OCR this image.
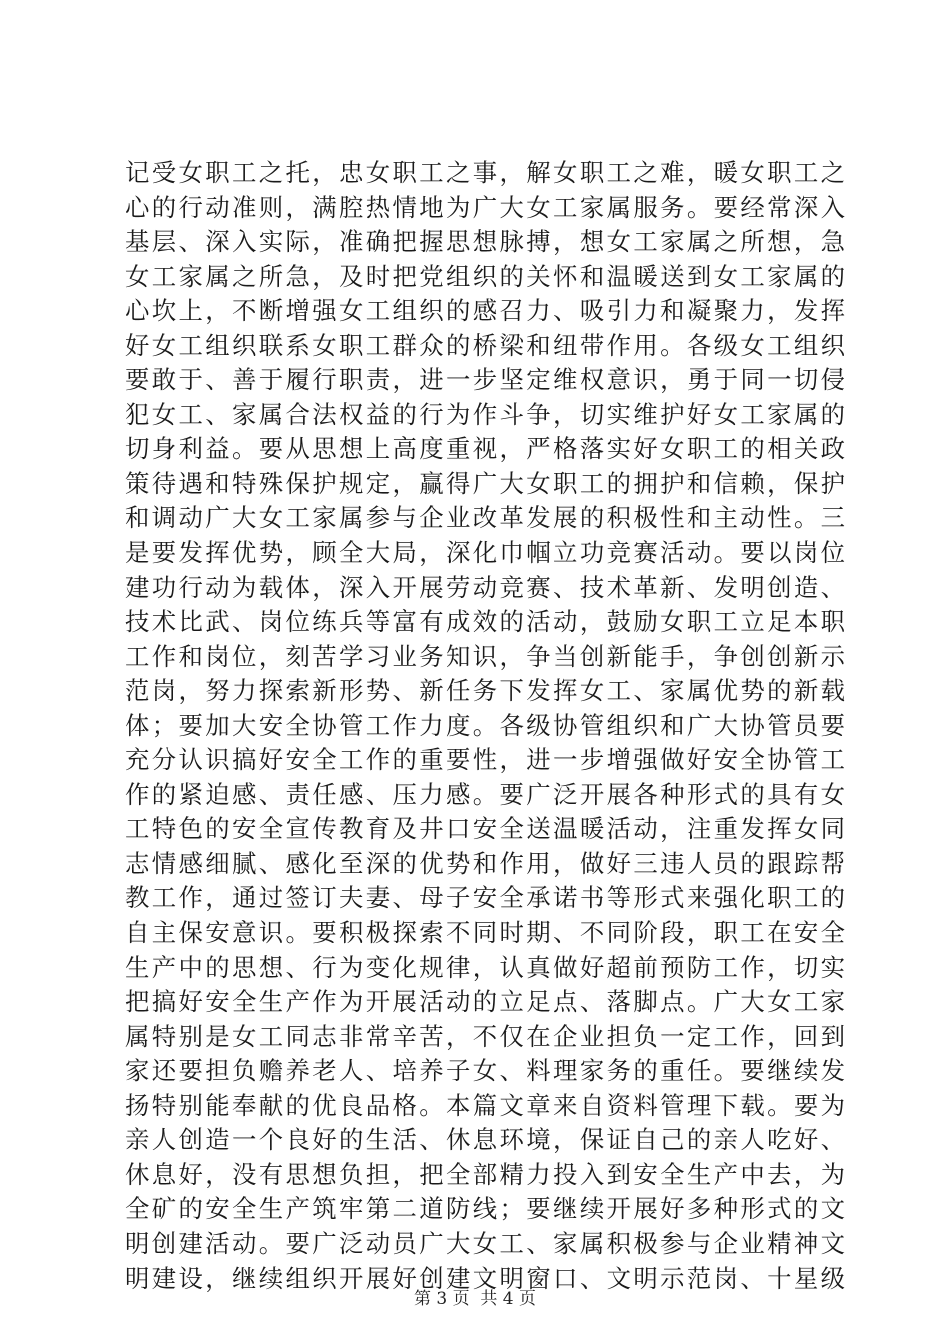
记受女职工之托，忠女职工之事，解女职工之难，暖女职工之
心的行动准则，满腔热情地为广大女工家属服务。要经常深入
基层、深入实际，准确把握思想脉搏，想女工家属之所想，急
女工家属之所急，及时把党组织的关怀和温暖送到女工家属的
心坎上，不断增强女工组织的感召力、吸引力和凝聚力，发挥
好女工组织联系女职工群众的桥梁和纽带作用。各级女工组织
要敢于、善于履行职责，进一步坚定维权意识，勇于同一切侵
犯女工、家属合法权益的行为作斗争，切实维护好女工家属的
切身利益。要从思想上高度重视，严格落实好女职工的相关政
策待遇和特殊保护规定，赢得广大女职工的拥护和信赖，保护
和调动广大女工家属参与企业改革发展的积极性和主动性。三
是要发挥优势，顾全大局，深化巾帼立功竞赛活动。要以岗位
建功行动为载体，深入开展劳动竞赛、技术革新、发明创造、
技术比武、岗位练兵等富有成效的活动，鼓励女职工立足本职
工作和岗位，刻苦学习业务知识，争当创新能手，争创创新示
范岗，努力探索新形势、新任务下发挥女工、家属优势的新载
体；要加大安全协管工作力度。各级协管组织和广大协管员要
充分认识搞好安全工作的重要性，进一步增强做好安全协管工
作的紧迫感、责任感、压力感。要广泛开展各种形式的具有女
工特色的安全宣传教育及井口安全送温暖活动，注重发挥女同
志情感细腻、感化至深的优势和作用，做好三违人员的跟踪帮
教工作，通过签订夫妻、母子安全承诺书等形式来强化职工的
自主保安意识。要积极探索不同时期、不同阶段，职工在安全
生产中的思想、行为变化规律，认真做好超前预防工作，切实
把搞好安全生产作为开展活动的立足点、落脚点。广大女工家
属特别是女工同志非常辛苦，不仅在企业担负一定工作，回到
家还要担负赡养老人、培养子女、料理家务的重任。要继续发
扬特别能奉献的优良品格。本篇文章来自资料管理下载。要为
亲人创造一个良好的生活、休息环境，保证自己的亲人吃好、
休息好，没有思想负担，把全部精力投入到安全生产中去，为
全矿的安全生产筑牢第二道防线；要继续开展好多种形式的文
明创建活动。要广泛动员广大女工、家属积极参与企业精神文
明建设，继续组织开展好创建文明窗口、文明示范岗、十星级
第 3 页  共 4 页
